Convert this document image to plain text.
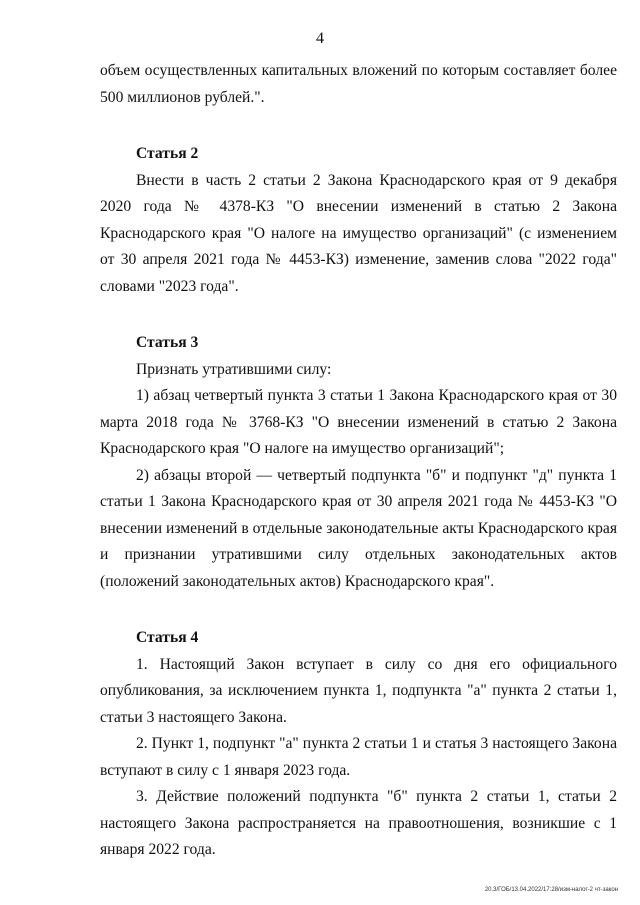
4

объем осуществленных капитальных вложений по которым составляет более 500 миллионов рублей.".

Статья 2

Внести в часть 2 статьи 2 Закона Краснодарского края от 9 декабря 2020 года № 4378-КЗ "О внесении изменений в статью 2 Закона Краснодарского края "О налоге на имущество организаций" (с изменением от 30 апреля 2021 года № 4453-КЗ) изменение, заменив слова "2022 года" словами "2023 года".

Статья 3

Признать утратившими силу:

1) абзац четвертый пункта 3 статьи 1 Закона Краснодарского края от 30 марта 2018 года № 3768-КЗ "О внесении изменений в статью 2 Закона Краснодарского края "О налоге на имущество организаций";

2) абзацы второй — четвертый подпункта "б" и подпункт "д" пункта 1 статьи 1 Закона Краснодарского края от 30 апреля 2021 года № 4453-КЗ "О внесении изменений в отдельные законодательные акты Краснодарского края и признании утратившими силу отдельных законодательных актов (положений законодательных актов) Краснодарского края".

Статья 4

1. Настоящий Закон вступает в силу со дня его официального опубликования, за исключением пункта 1, подпункта "а" пункта 2 статьи 1, статьи 3 настоящего Закона.

2. Пункт 1, подпункт "а" пункта 2 статьи 1 и статья 3 настоящего Закона вступают в силу с 1 января 2023 года.

3. Действие положений подпункта "б" пункта 2 статьи 1, статьи 2 настоящего Закона распространяется на правоотношения, возникшие с 1 января 2022 года.

20.3/ГОБ/13.04.2022/17:28/изм-налог-2 чт-закон
